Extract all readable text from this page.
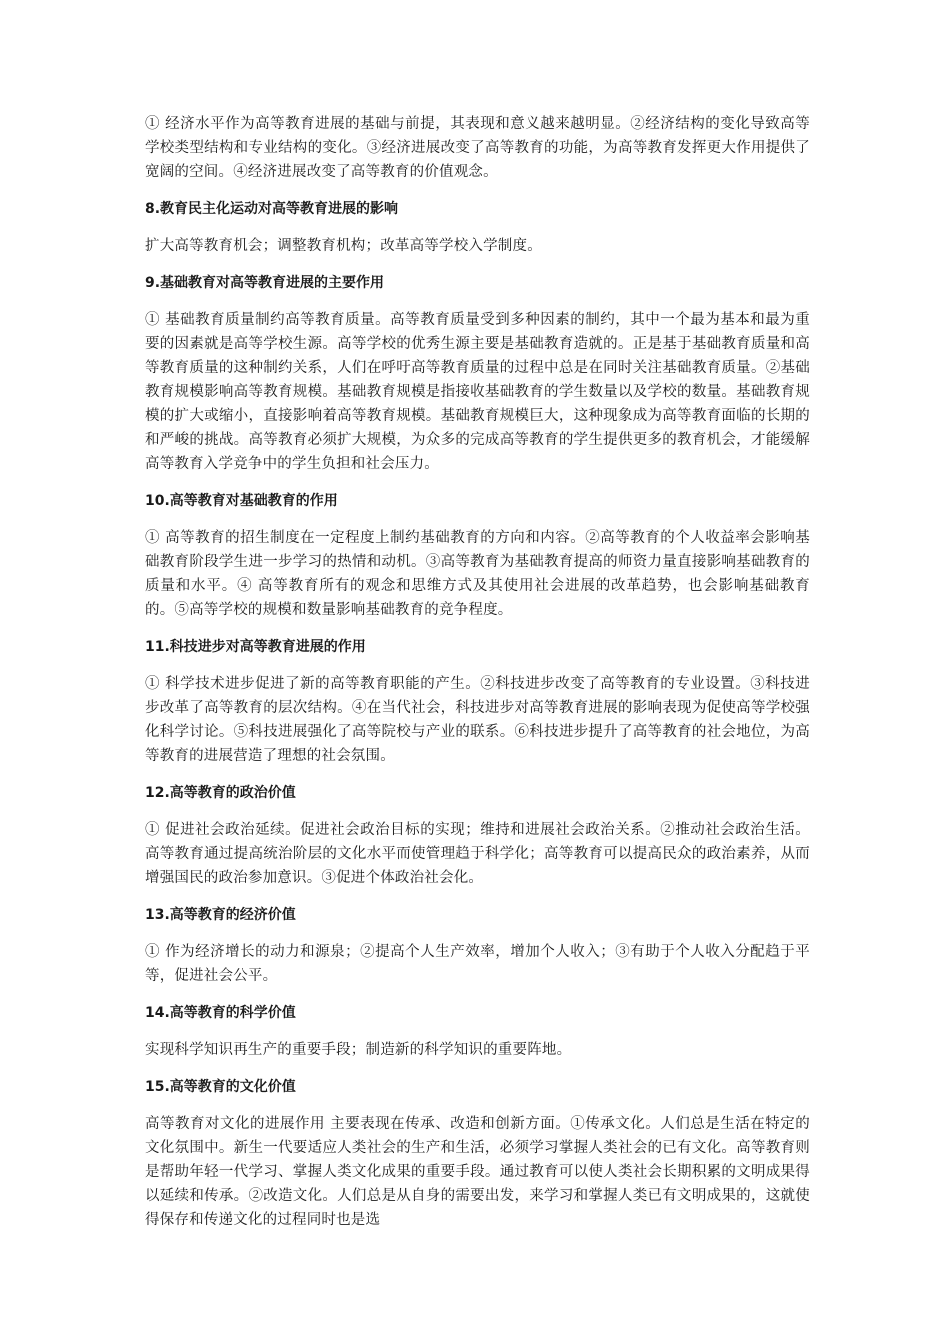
① 经济水平作为高等教育进展的基础与前提，其表现和意义越来越明显。②经济结构的变化导致高等学校类型结构和专业结构的变化。③经济进展改变了高等教育的功能，为高等教育发挥更大作用提供了宽阔的空间。④经济进展改变了高等教育的价值观念。

8.教育民主化运动对高等教育进展的影响

扩大高等教育机会；调整教育机构；改革高等学校入学制度。

9.基础教育对高等教育进展的主要作用

① 基础教育质量制约高等教育质量。高等教育质量受到多种因素的制约，其中一个最为基本和最为重要的因素就是高等学校生源。高等学校的优秀生源主要是基础教育造就的。正是基于基础教育质量和高等教育质量的这种制约关系，人们在呼吁高等教育质量的过程中总是在同时关注基础教育质量。②基础教育规模影响高等教育规模。基础教育规模是指接收基础教育的学生数量以及学校的数量。基础教育规模的扩大或缩小，直接影响着高等教育规模。基础教育规模巨大，这种现象成为高等教育面临的长期的和严峻的挑战。高等教育必须扩大规模，为众多的完成高等教育的学生提供更多的教育机会，才能缓解高等教育入学竞争中的学生负担和社会压力。

10.高等教育对基础教育的作用

① 高等教育的招生制度在一定程度上制约基础教育的方向和内容。②高等教育的个人收益率会影响基础教育阶段学生进一步学习的热情和动机。③高等教育为基础教育提高的师资力量直接影响基础教育的质量和水平。④ 高等教育所有的观念和思维方式及其使用社会进展的改革趋势，也会影响基础教育的。⑤高等学校的规模和数量影响基础教育的竞争程度。

11.科技进步对高等教育进展的作用

① 科学技术进步促进了新的高等教育职能的产生。②科技进步改变了高等教育的专业设置。③科技进步改革了高等教育的层次结构。④在当代社会，科技进步对高等教育进展的影响表现为促使高等学校强化科学讨论。⑤科技进展强化了高等院校与产业的联系。⑥科技进步提升了高等教育的社会地位，为高等教育的进展营造了理想的社会氛围。

12.高等教育的政治价值

① 促进社会政治延续。促进社会政治目标的实现；维持和进展社会政治关系。②推动社会政治生活。高等教育通过提高统治阶层的文化水平而使管理趋于科学化；高等教育可以提高民众的政治素养，从而增强国民的政治参加意识。③促进个体政治社会化。

13.高等教育的经济价值

① 作为经济增长的动力和源泉；②提高个人生产效率，增加个人收入；③有助于个人收入分配趋于平等，促进社会公平。

14.高等教育的科学价值

实现科学知识再生产的重要手段；制造新的科学知识的重要阵地。

15.高等教育的文化价值

高等教育对文化的进展作用 主要表现在传承、改造和创新方面。①传承文化。人们总是生活在特定的文化氛围中。新生一代要适应人类社会的生产和生活，必须学习掌握人类社会的已有文化。高等教育则是帮助年轻一代学习、掌握人类文化成果的重要手段。通过教育可以使人类社会长期积累的文明成果得以延续和传承。②改造文化。人们总是从自身的需要出发，来学习和掌握人类已有文明成果的，这就使得保存和传递文化的过程同时也是选
